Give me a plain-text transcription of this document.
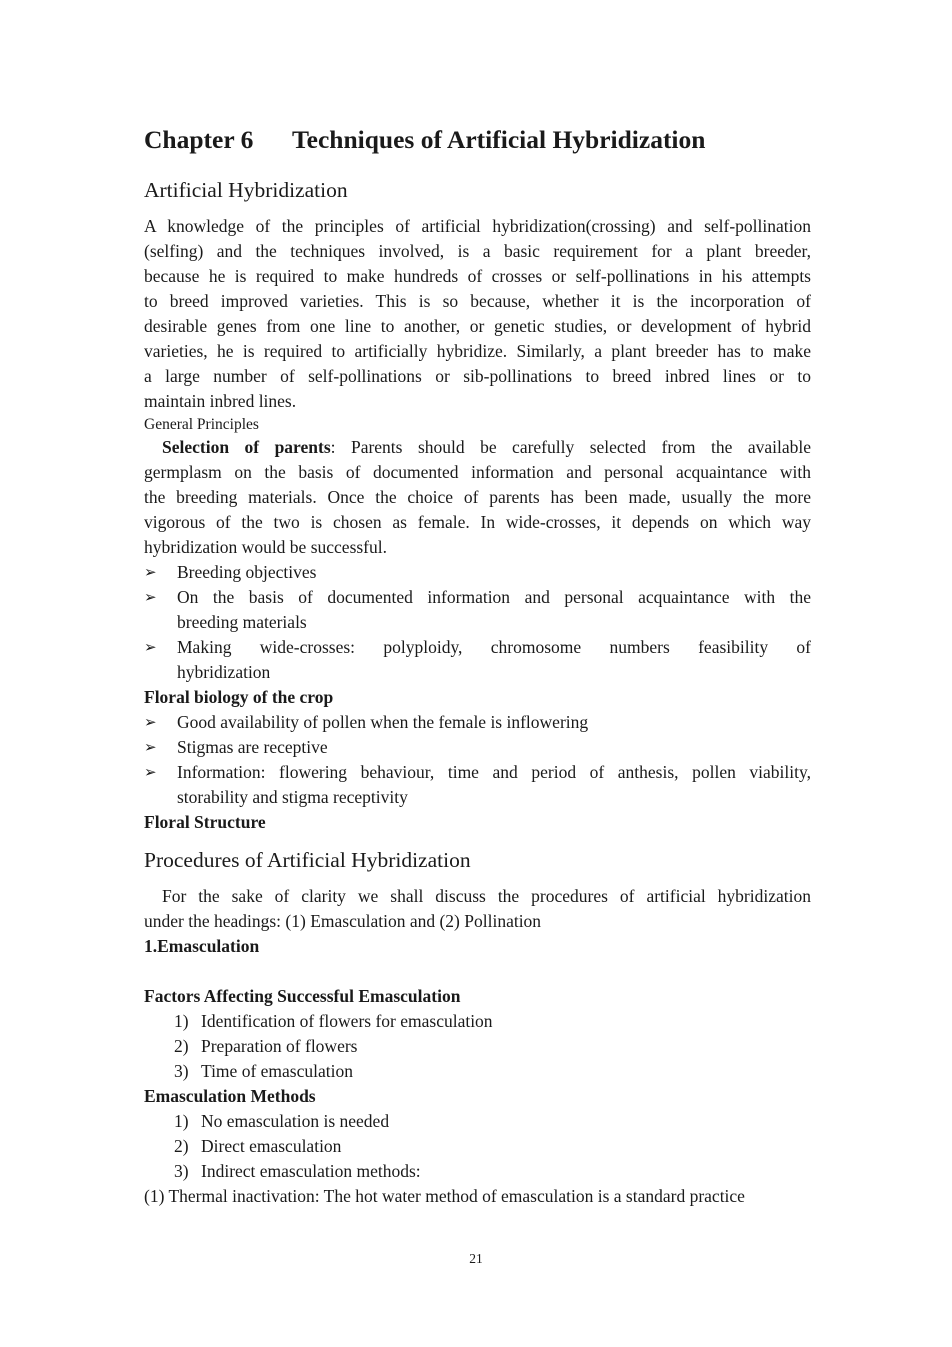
Chapter 6 Techniques of Artificial Hybridization
Artificial Hybridization
A knowledge of the principles of artificial hybridization(crossing) and self-pollination
(selfing) and the techniques involved, is a basic requirement for a plant breeder,
because he is required to make hundreds of crosses or self-pollinations in his attempts
to breed improved varieties. This is so because, whether it is the incorporation of
desirable genes from one line to another, or genetic studies, or development of hybrid
varieties, he is required to artificially hybridize. Similarly, a plant breeder has to make
a large number of self-pollinations or sib-pollinations to breed inbred lines or to
maintain inbred lines.
General Principles
Selection of parents: Parents should be carefully selected from the available
germplasm on the basis of documented information and personal acquaintance with
the breeding materials. Once the choice of parents has been made, usually the more
vigorous of the two is chosen as female. In wide-crosses, it depends on which way
hybridization would be successful.
➢ Breeding objectives
➢ On the basis of documented information and personal acquaintance with the
breeding materials
➢ Making wide-crosses: polyploidy, chromosome numbers feasibility of
hybridization
Floral biology of the crop
➢ Good availability of pollen when the female is inflowering
➢ Stigmas are receptive
➢ Information: flowering behaviour, time and period of anthesis, pollen viability,
storability and stigma receptivity
Floral Structure
Procedures of Artificial Hybridization
For the sake of clarity we shall discuss the procedures of artificial hybridization
under the headings: (1) Emasculation and (2) Pollination
1.Emasculation
Factors Affecting Successful Emasculation
1) Identification of flowers for emasculation
2) Preparation of flowers
3) Time of emasculation
Emasculation Methods
1) No emasculation is needed
2) Direct emasculation
3) Indirect emasculation methods:
(1) Thermal inactivation: The hot water method of emasculation is a standard practice
21
